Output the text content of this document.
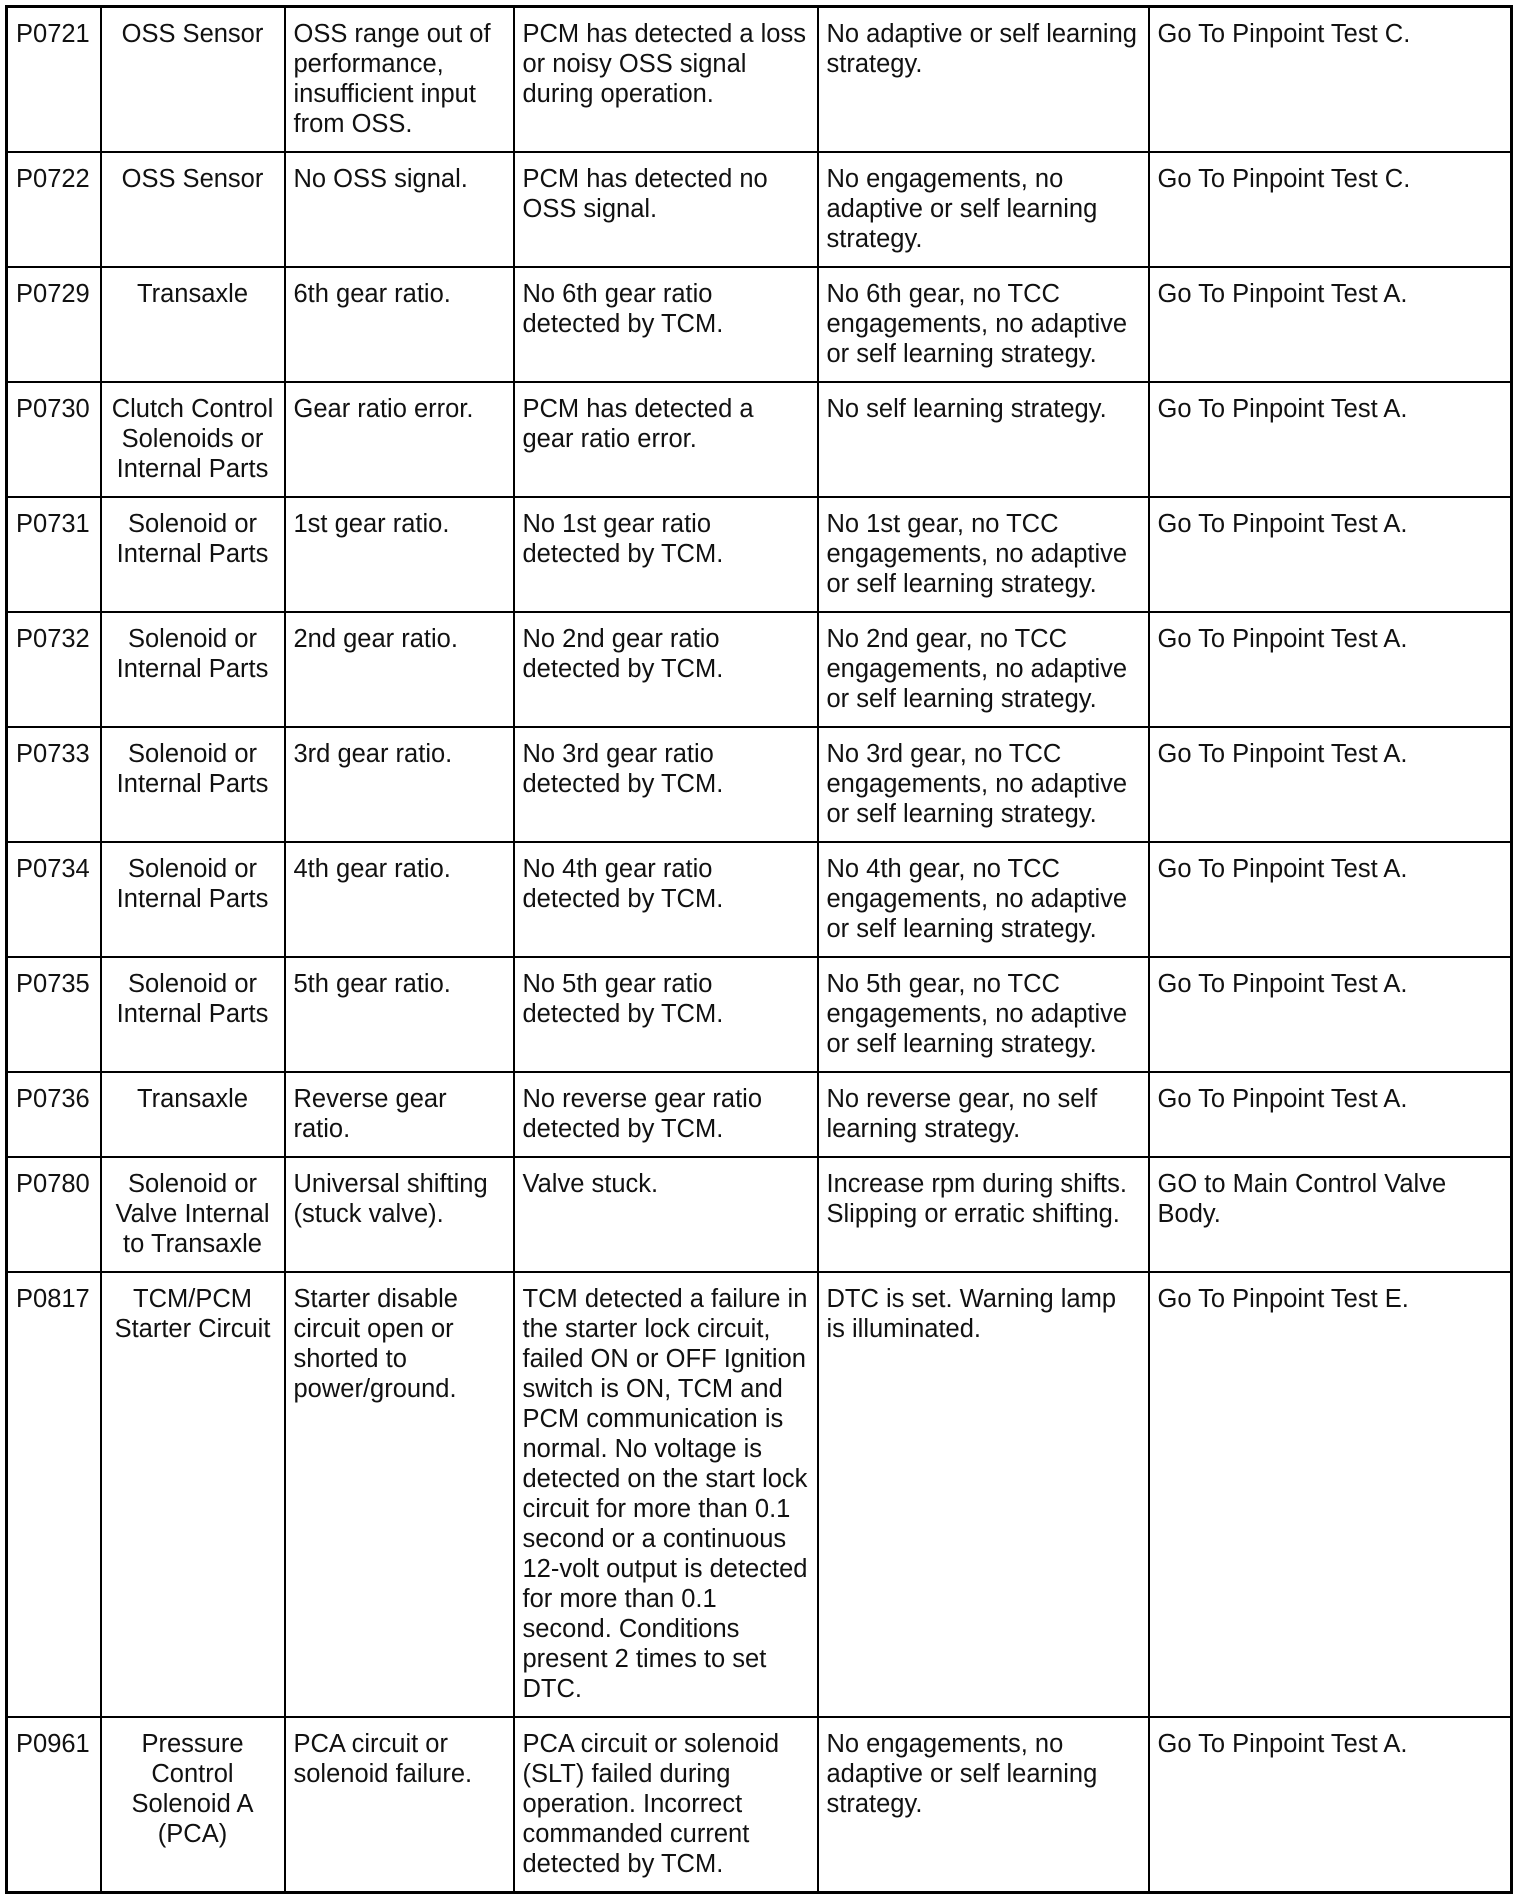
P0721	OSS Sensor	OSS range out of performance, insufficient input from OSS.	PCM has detected a loss or noisy OSS signal during operation.	No adaptive or self learning strategy.	Go To Pinpoint Test C.
P0722	OSS Sensor	No OSS signal.	PCM has detected no OSS signal.	No engagements, no adaptive or self learning strategy.	Go To Pinpoint Test C.
P0729	Transaxle	6th gear ratio.	No 6th gear ratio detected by TCM.	No 6th gear, no TCC engagements, no adaptive or self learning strategy.	Go To Pinpoint Test A.
P0730	Clutch Control Solenoids or Internal Parts	Gear ratio error.	PCM has detected a gear ratio error.	No self learning strategy.	Go To Pinpoint Test A.
P0731	Solenoid or Internal Parts	1st gear ratio.	No 1st gear ratio detected by TCM.	No 1st gear, no TCC engagements, no adaptive or self learning strategy.	Go To Pinpoint Test A.
P0732	Solenoid or Internal Parts	2nd gear ratio.	No 2nd gear ratio detected by TCM.	No 2nd gear, no TCC engagements, no adaptive or self learning strategy.	Go To Pinpoint Test A.
P0733	Solenoid or Internal Parts	3rd gear ratio.	No 3rd gear ratio detected by TCM.	No 3rd gear, no TCC engagements, no adaptive or self learning strategy.	Go To Pinpoint Test A.
P0734	Solenoid or Internal Parts	4th gear ratio.	No 4th gear ratio detected by TCM.	No 4th gear, no TCC engagements, no adaptive or self learning strategy.	Go To Pinpoint Test A.
P0735	Solenoid or Internal Parts	5th gear ratio.	No 5th gear ratio detected by TCM.	No 5th gear, no TCC engagements, no adaptive or self learning strategy.	Go To Pinpoint Test A.
P0736	Transaxle	Reverse gear ratio.	No reverse gear ratio detected by TCM.	No reverse gear, no self learning strategy.	Go To Pinpoint Test A.
P0780	Solenoid or Valve Internal to Transaxle	Universal shifting (stuck valve).	Valve stuck.	Increase rpm during shifts. Slipping or erratic shifting.	GO to Main Control Valve Body.
P0817	TCM/PCM Starter Circuit	Starter disable circuit open or shorted to power/ground.	TCM detected a failure in the starter lock circuit, failed ON or OFF Ignition switch is ON, TCM and PCM communication is normal. No voltage is detected on the start lock circuit for more than 0.1 second or a continuous 12-volt output is detected for more than 0.1 second. Conditions present 2 times to set DTC.	DTC is set. Warning lamp is illuminated.	Go To Pinpoint Test E.
P0961	Pressure Control Solenoid A (PCA)	PCA circuit or solenoid failure.	PCA circuit or solenoid (SLT) failed during operation. Incorrect commanded current detected by TCM.	No engagements, no adaptive or self learning strategy.	Go To Pinpoint Test A.
